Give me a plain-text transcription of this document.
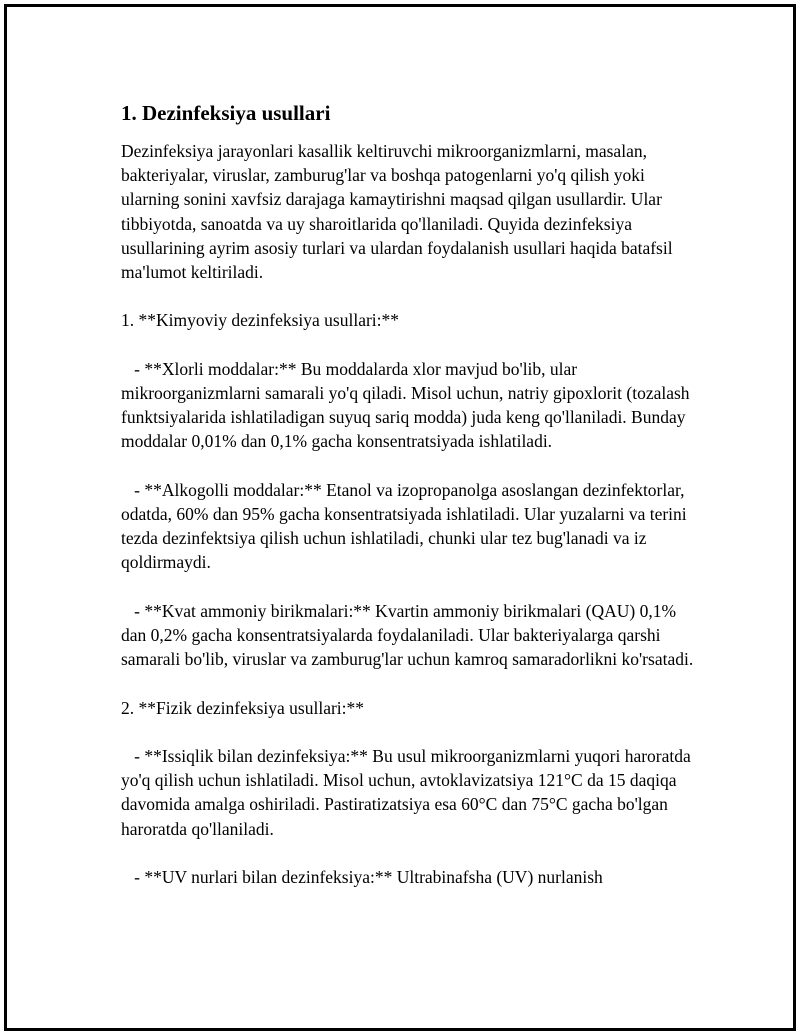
1. Dezinfeksiya usullari

Dezinfeksiya jarayonlari kasallik keltiruvchi mikroorganizmlarni, masalan, bakteriyalar, viruslar, zamburug'lar va boshqa patogenlarni yo'q qilish yoki ularning sonini xavfsiz darajaga kamaytirishni maqsad qilgan usullardir. Ular tibbiyotda, sanoatda va uy sharoitlarida qo'llaniladi. Quyida dezinfeksiya usullarining ayrim asosiy turlari va ulardan foydalanish usullari haqida batafsil ma'lumot keltiriladi.

1. **Kimyoviy dezinfeksiya usullari:**

- **Xlorli moddalar:** Bu moddalarda xlor mavjud bo'lib, ular mikroorganizmlarni samarali yo'q qiladi. Misol uchun, natriy gipoxlorit (tozalash funktsiyalarida ishlatiladigan suyuq sariq modda) juda keng qo'llaniladi. Bunday moddalar 0,01% dan 0,1% gacha konsentratsiyada ishlatiladi.

- **Alkogolli moddalar:** Etanol va izopropanolga asoslangan dezinfektorlar, odatda, 60% dan 95% gacha konsentratsiyada ishlatiladi. Ular yuzalarni va terini tezda dezinfektsiya qilish uchun ishlatiladi, chunki ular tez bug'lanadi va iz qoldirmaydi.

- **Kvat ammoniy birikmalari:** Kvartin ammoniy birikmalari (QAU) 0,1% dan 0,2% gacha konsentratsiyalarda foydalaniladi. Ular bakteriyalarga qarshi samarali bo'lib, viruslar va zamburug'lar uchun kamroq samaradorlikni ko'rsatadi.

2. **Fizik dezinfeksiya usullari:**

- **Issiqlik bilan dezinfeksiya:** Bu usul mikroorganizmlarni yuqori haroratda yo'q qilish uchun ishlatiladi. Misol uchun, avtoklavizatsiya 121°C da 15 daqiqa davomida amalga oshiriladi. Pastiratizatsiya esa 60°C dan 75°C gacha bo'lgan haroratda qo'llaniladi.

- **UV nurlari bilan dezinfeksiya:** Ultrabinafsha (UV) nurlanish
